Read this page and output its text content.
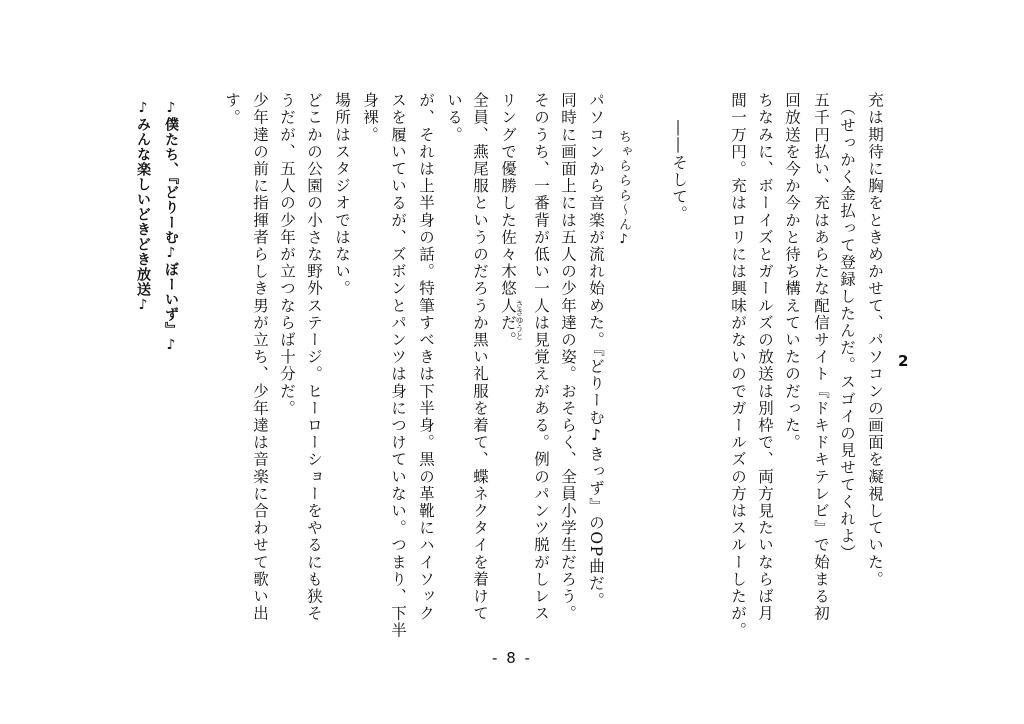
2
充は期待に胸をときめかせて、パソコンの画面を凝視していた。
（せっかく金払って登録したんだ。スゴイの見せてくれよ）
五千円払い、充はあらたな配信サイト『ドキドキテレビ』で始まる初
回放送を今か今かと待ち構えていたのだった。
ちなみに、ボーイズとガールズの放送は別枠で、両方見たいならば月
間一万円。充はロリには興味がないのでガールズの方はスルーしたが。
――そして。
ちゃららら～ん♪
パソコンから音楽が流れ始めた。『どりーむ♪きっず』のOP曲だ。
同時に画面上には五人の少年達の姿。おそらく、全員小学生だろう。
そのうち、一番背が低い一人は見覚えがある。例のパンツ脱がしレス
リングで優勝した佐々木悠人だ。
さきゆうと
全員、燕尾服というのだろうか黒い礼服を着て、蝶ネクタイを着けて
いる。
が、それは上半身の話。特筆すべきは下半身。黒の革靴にハイソック
スを履いているが、ズボンとパンツは身につけていない。つまり、下半
身裸。
場所はスタジオではない。
どこかの公園の小さな野外ステージ。ヒーローショーをやるにも狭そ
うだが、五人の少年が立つならば十分だ。
少年達の前に指揮者らしき男が立ち、少年達は音楽に合わせて歌い出
す。
♪僕たち、『どりーむ♪ぼーいず』♪
♪みんな楽しいどきどき放送♪
- 8 -
